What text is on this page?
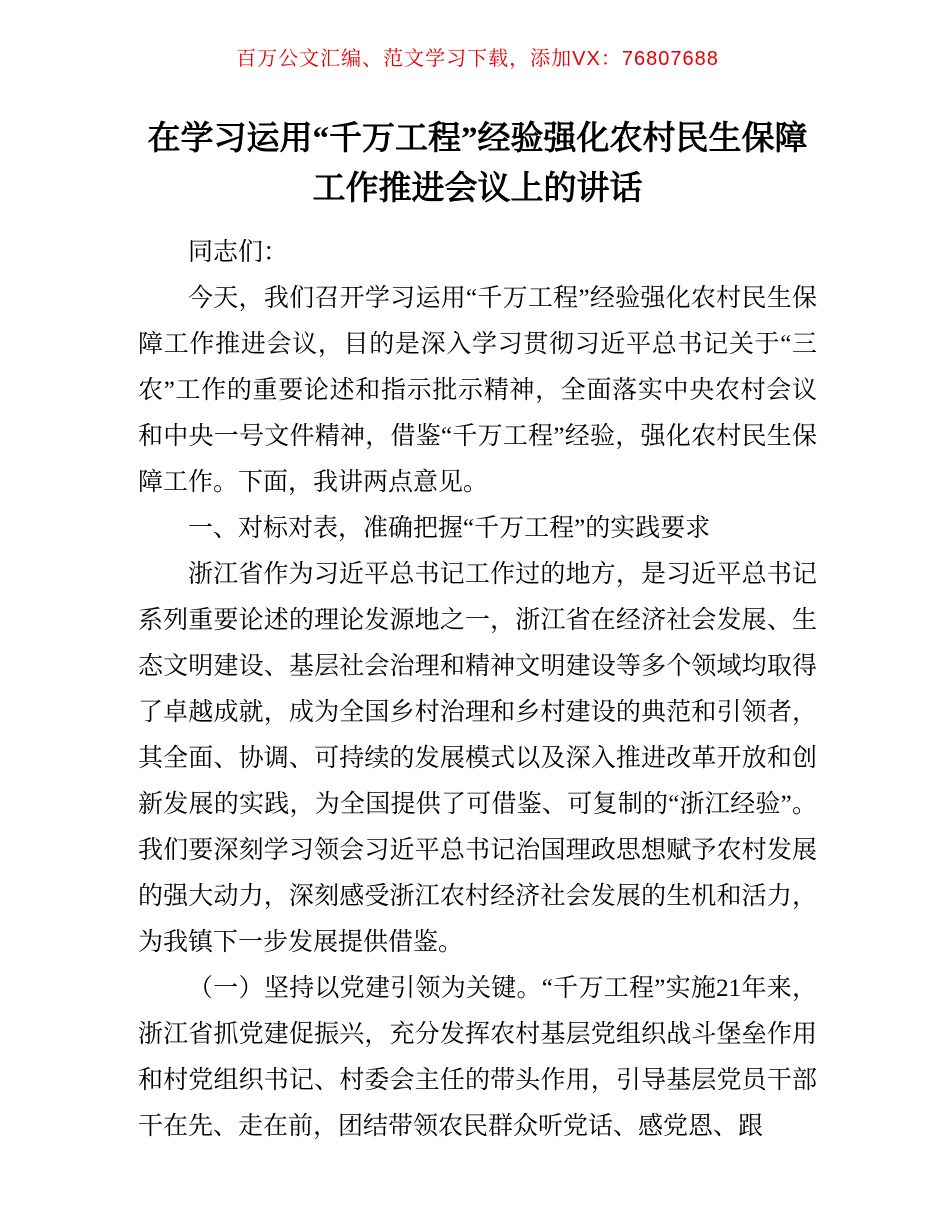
百万公文汇编、范文学习下载，添加VX：76807688
在学习运用“千万工程”经验强化农村民生保障工作推进会议上的讲话

同志们：

今天，我们召开学习运用“千万工程”经验强化农村民生保障工作推进会议，目的是深入学习贯彻习近平总书记关于“三农”工作的重要论述和指示批示精神，全面落实中央农村会议和中央一号文件精神，借鉴“千万工程”经验，强化农村民生保障工作。下面，我讲两点意见。

一、对标对表，准确把握“千万工程”的实践要求

浙江省作为习近平总书记工作过的地方，是习近平总书记系列重要论述的理论发源地之一，浙江省在经济社会发展、生态文明建设、基层社会治理和精神文明建设等多个领域均取得了卓越成就，成为全国乡村治理和乡村建设的典范和引领者，其全面、协调、可持续的发展模式以及深入推进改革开放和创新发展的实践，为全国提供了可借鉴、可复制的“浙江经验”。我们要深刻学习领会习近平总书记治国理政思想赋予农村发展的强大动力，深刻感受浙江农村经济社会发展的生机和活力，为我镇下一步发展提供借鉴。

（一）坚持以党建引领为关键。“千万工程”实施21年来，浙江省抓党建促振兴，充分发挥农村基层党组织战斗堡垒作用和村党组织书记、村委会主任的带头作用，引导基层党员干部干在先、走在前，团结带领农民群众听党话、感党恩、跟
